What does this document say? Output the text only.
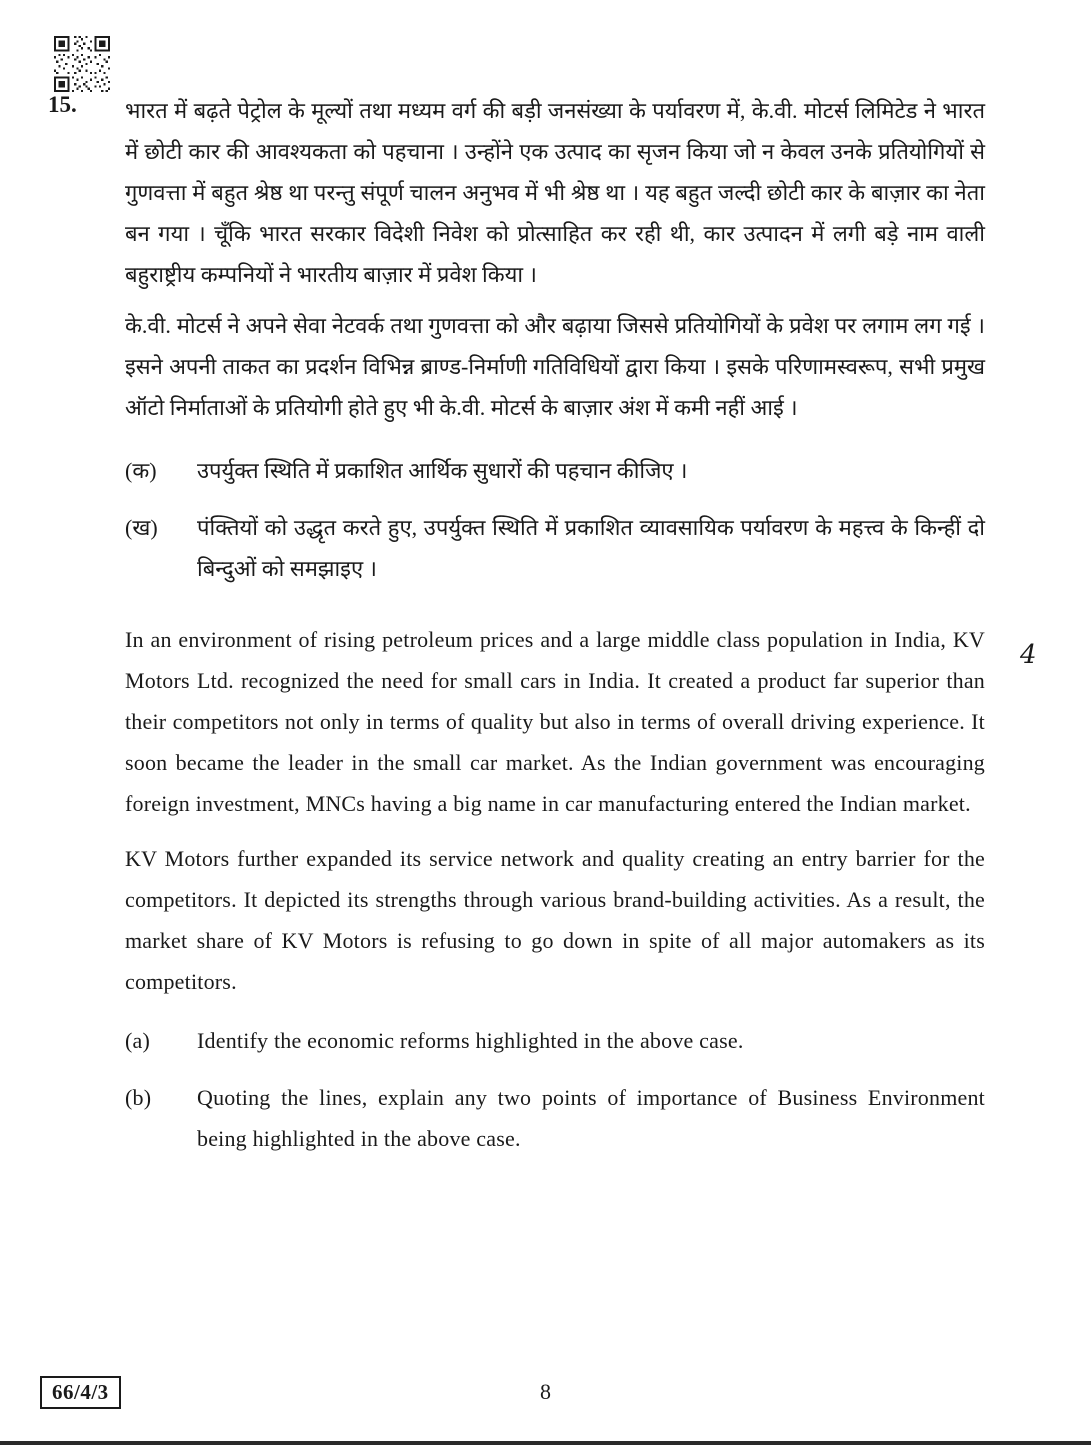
15.
4

भारत में बढ़ते पेट्रोल के मूल्यों तथा मध्यम वर्ग की बड़ी जनसंख्या के पर्यावरण में, के.वी. मोटर्स लिमिटेड ने भारत में छोटी कार की आवश्यकता को पहचाना । उन्होंने एक उत्पाद का सृजन किया जो न केवल उनके प्रतियोगियों से गुणवत्ता में बहुत श्रेष्ठ था परन्तु संपूर्ण चालन अनुभव में भी श्रेष्ठ था । यह बहुत जल्दी छोटी कार के बाज़ार का नेता बन गया । चूँकि भारत सरकार विदेशी निवेश को प्रोत्साहित कर रही थी, कार उत्पादन में लगी बड़े नाम वाली बहुराष्ट्रीय कम्पनियों ने भारतीय बाज़ार में प्रवेश किया ।

के.वी. मोटर्स ने अपने सेवा नेटवर्क तथा गुणवत्ता को और बढ़ाया जिससे प्रतियोगियों के प्रवेश पर लगाम लग गई । इसने अपनी ताकत का प्रदर्शन विभिन्न ब्राण्ड-निर्माणी गतिविधियों द्वारा किया । इसके परिणामस्वरूप, सभी प्रमुख ऑटो निर्माताओं के प्रतियोगी होते हुए भी के.वी. मोटर्स के बाज़ार अंश में कमी नहीं आई ।

(क)	उपर्युक्त स्थिति में प्रकाशित आर्थिक सुधारों की पहचान कीजिए ।
(ख)	पंक्तियों को उद्धृत करते हुए, उपर्युक्त स्थिति में प्रकाशित व्यावसायिक पर्यावरण के महत्त्व के किन्हीं दो बिन्दुओं को समझाइए ।

In an environment of rising petroleum prices and a large middle class population in India, KV Motors Ltd. recognized the need for small cars in India. It created a product far superior than their competitors not only in terms of quality but also in terms of overall driving experience. It soon became the leader in the small car market. As the Indian government was encouraging foreign investment, MNCs having a big name in car manufacturing entered the Indian market.

KV Motors further expanded its service network and quality creating an entry barrier for the competitors. It depicted its strengths through various brand-building activities. As a result, the market share of KV Motors is refusing to go down in spite of all major automakers as its competitors.

(a)	Identify the economic reforms highlighted in the above case.
(b)	Quoting the lines, explain any two points of importance of Business Environment being highlighted in the above case.
66/4/3	8
